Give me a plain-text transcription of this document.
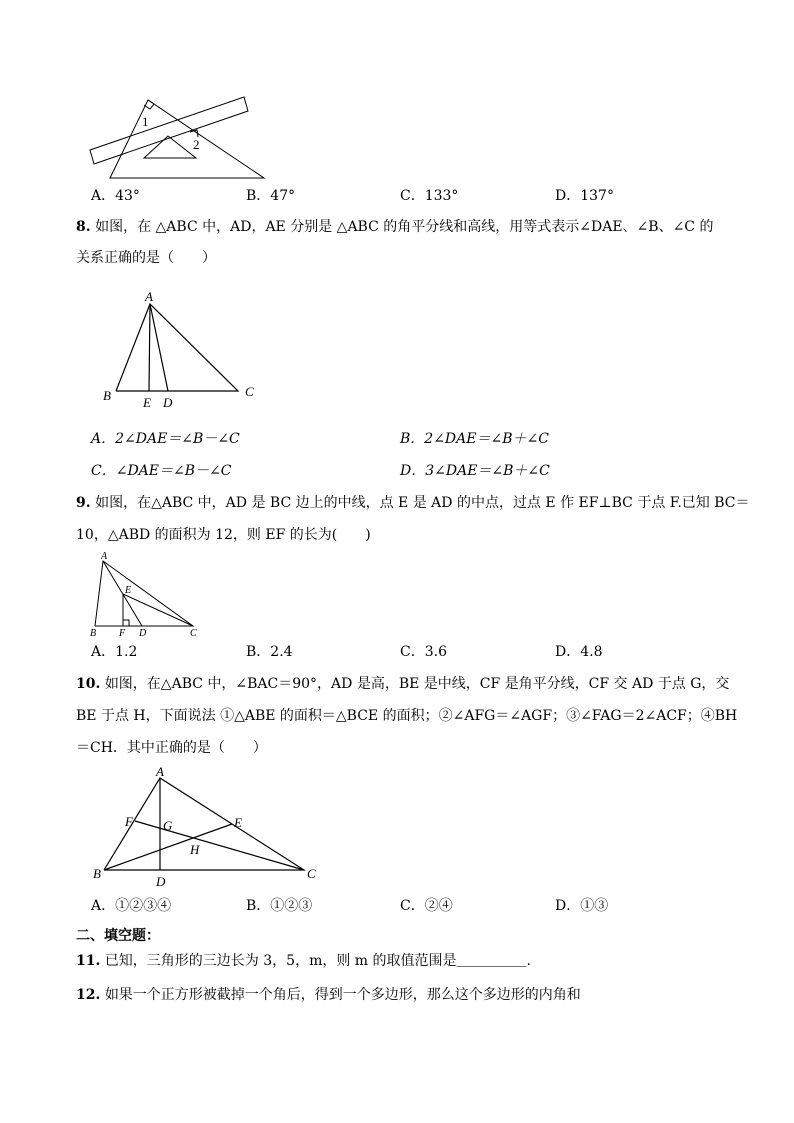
1
2
A．43°	B．47°	C．133°	D．137°
8. 如图，在 △ABC 中，AD，AE 分别是 △ABC 的角平分线和高线，用等式表示∠DAE、∠B、∠C 的
关系正确的是（　　）
A
B	C
E D
A．2∠DAE＝∠B－∠C	B．2∠DAE＝∠B＋∠C
C．∠DAE＝∠B－∠C	D．3∠DAE＝∠B＋∠C
9. 如图，在△ABC 中，AD 是 BC 边上的中线，点 E 是 AD 的中点，过点 E 作 EF⊥BC 于点 F.已知 BC＝
10，△ABD 的面积为 12，则 EF 的长为(　　)
A
E
B F D	C
A．1.2	B．2.4	C．3.6	D．4.8
10. 如图，在△ABC 中，∠BAC＝90°，AD 是高，BE 是中线，CF 是角平分线，CF 交 AD 于点 G，交
BE 于点 H，下面说法 ①△ABE 的面积＝△BCE 的面积；②∠AFG＝∠AGF；③∠FAG＝2∠ACF；④BH
＝CH．其中正确的是（　　）
A
F G	E
H
B
D
C
A．①②③④	B．①②③	C．②④	D．①③
二、填空题：
11. 已知，三角形的三边长为 3，5，m，则 m 的取值范围是＿＿＿＿＿．
12. 如果一个正方形被截掉一个角后，得到一个多边形，那么这个多边形的内角和
